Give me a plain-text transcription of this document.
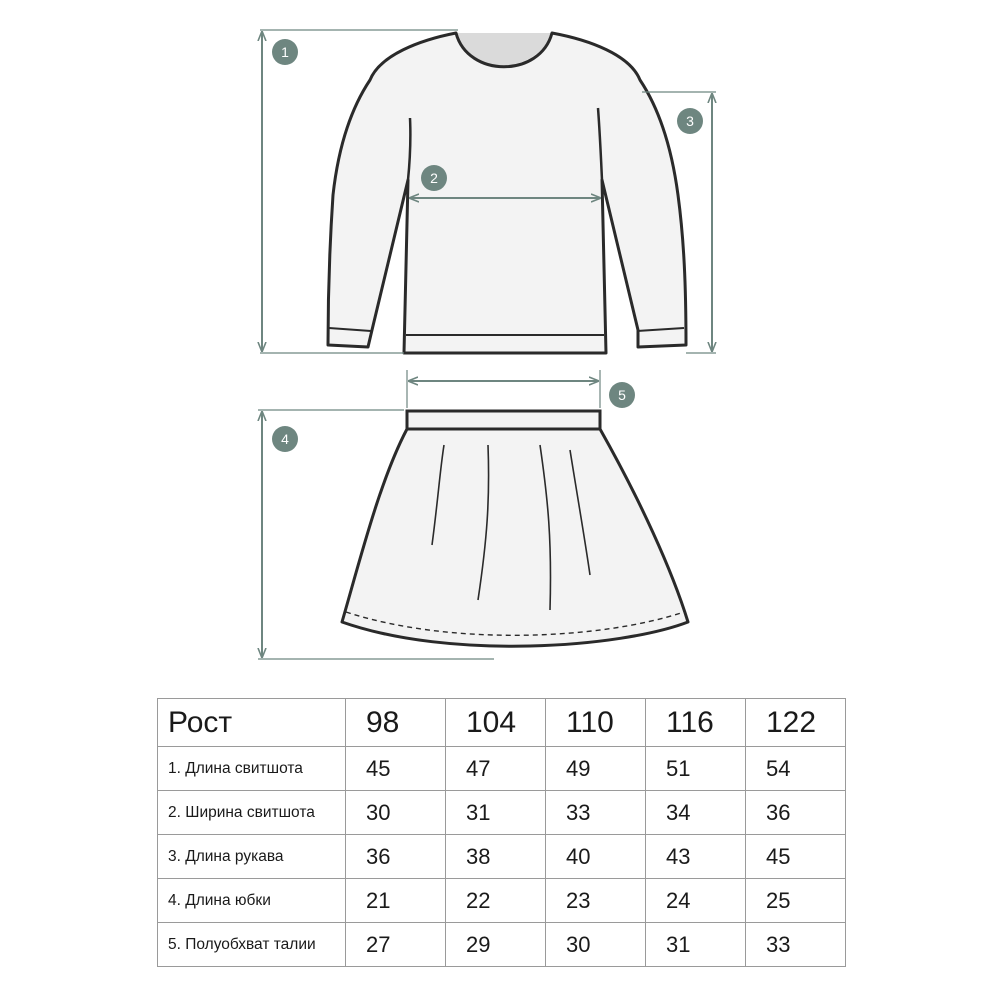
1
2
3
4
5
Рост	98	104	110	116	122
1. Длина свитшота	45	47	49	51	54
2. Ширина свитшота	30	31	33	34	36
3. Длина рукава	36	38	40	43	45
4. Длина юбки	21	22	23	24	25
5. Полуобхват талии	27	29	30	31	33
